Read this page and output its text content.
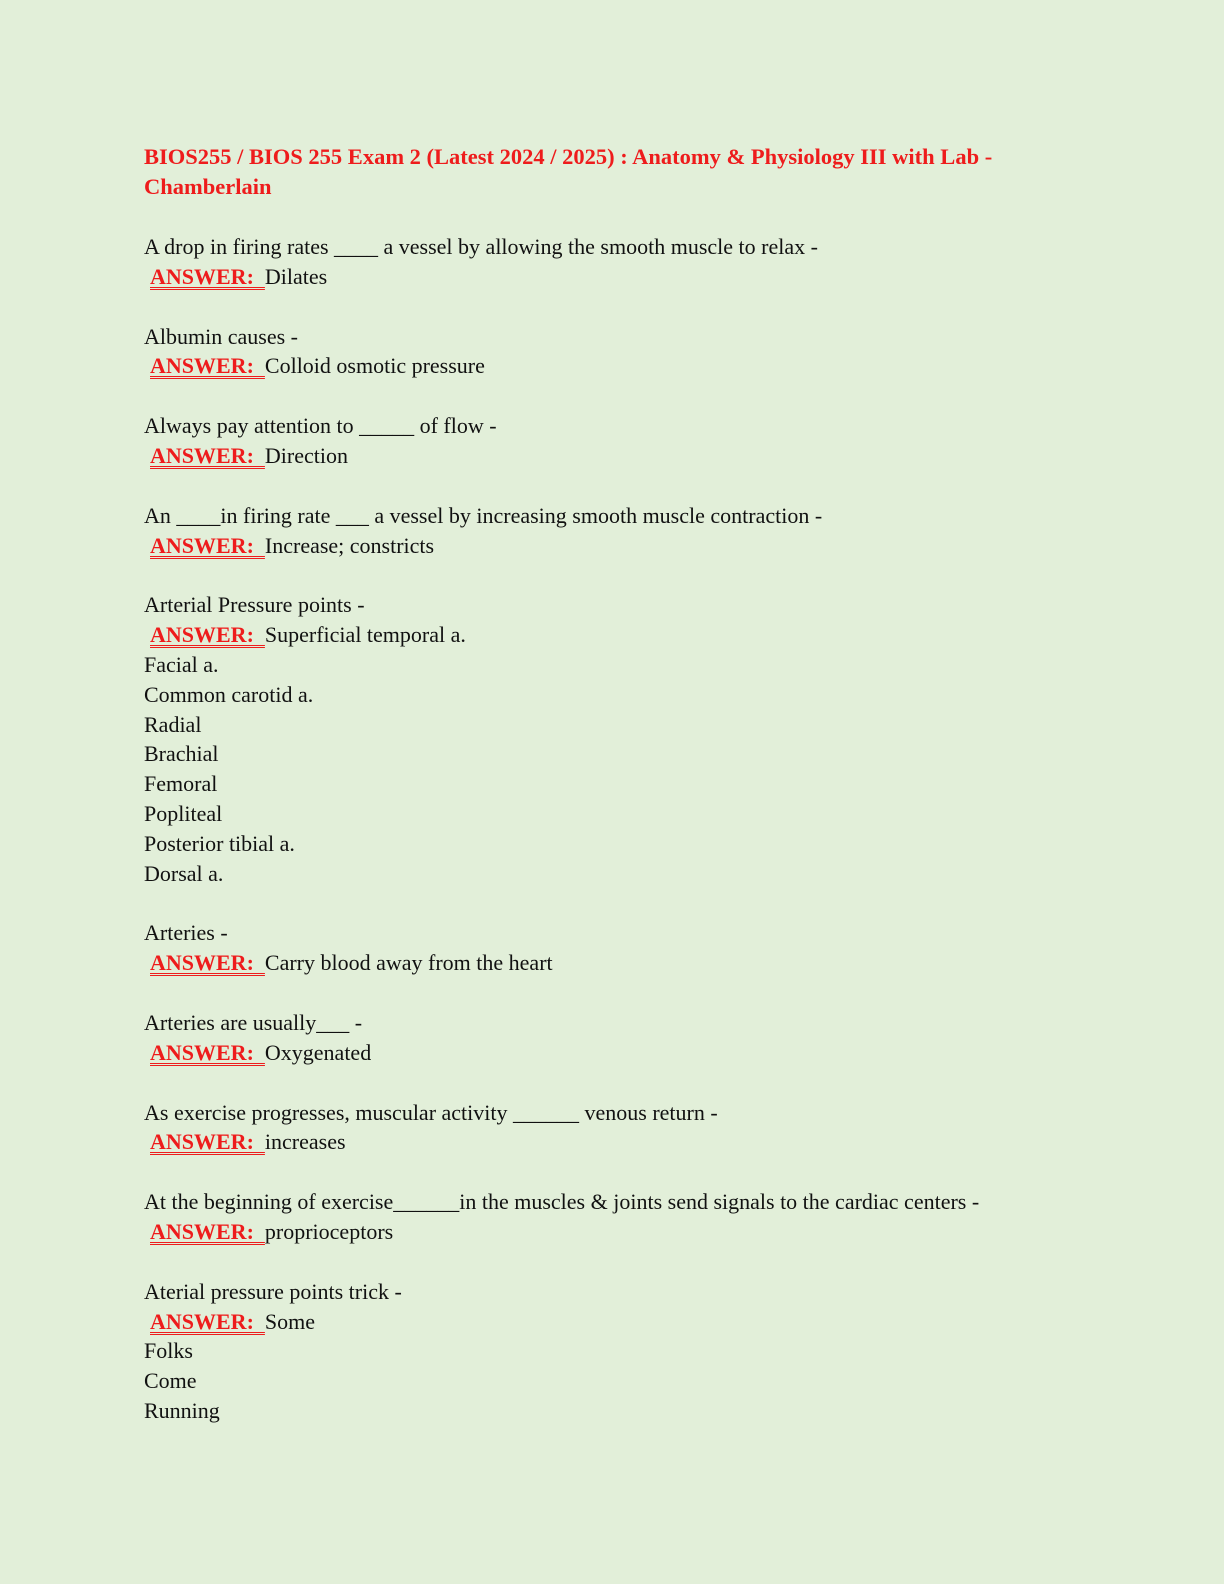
BIOS255 / BIOS 255 Exam 2 (Latest 2024 / 2025) : Anatomy & Physiology III with Lab - Chamberlain
A drop in firing rates ____ a vessel by allowing the smooth muscle to relax -
ANSWER:  Dilates
Albumin causes -
ANSWER:  Colloid osmotic pressure
Always pay attention to _____ of flow -
ANSWER:  Direction
An ____in firing rate ___ a vessel by increasing smooth muscle contraction -
ANSWER:  Increase; constricts
Arterial Pressure points -
ANSWER:  Superficial temporal a.
Facial a.
Common carotid a.
Radial
Brachial
Femoral
Popliteal
Posterior tibial a.
Dorsal a.
Arteries -
ANSWER:  Carry blood away from the heart
Arteries are usually___ -
ANSWER:  Oxygenated
As exercise progresses, muscular activity ______ venous return -
ANSWER:  increases
At the beginning of exercise______in the muscles & joints send signals to the cardiac centers -
ANSWER:  proprioceptors
Aterial pressure points trick -
ANSWER:  Some
Folks
Come
Running
